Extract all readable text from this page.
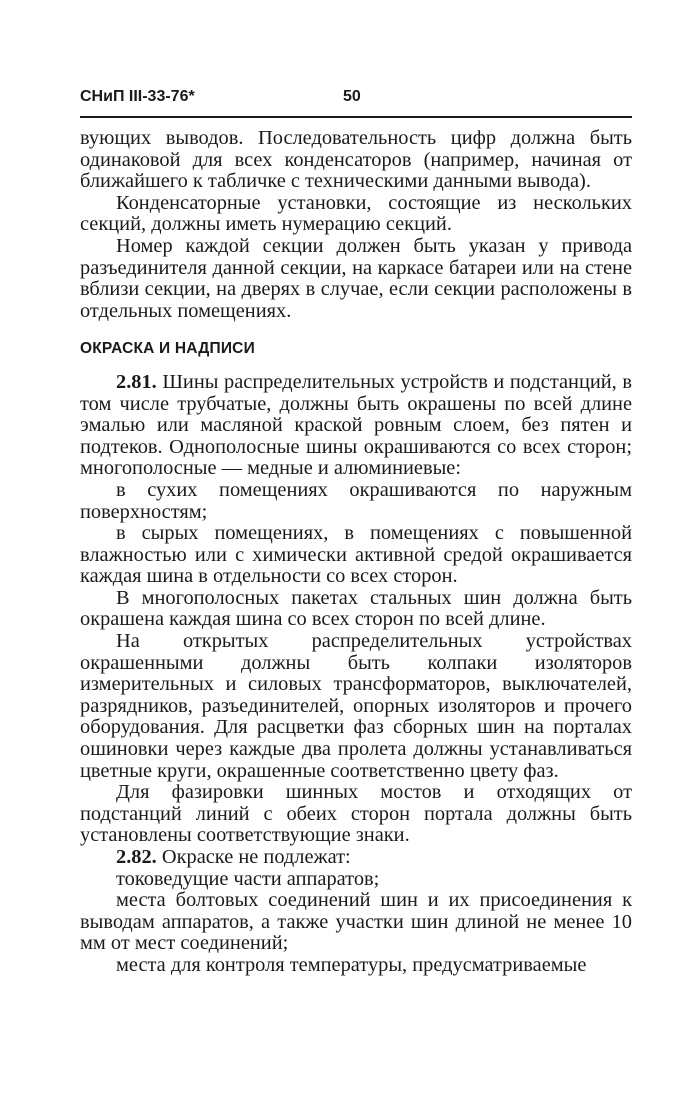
СНиП III-33-76*	50

вующих выводов. Последовательность цифр должна быть одинаковой для всех конденсаторов (например, начиная от ближайшего к табличке с техническими данными вывода).

Конденсаторные установки, состоящие из нескольких секций, должны иметь нумерацию секций.

Номер каждой секции должен быть указан у привода разъединителя данной секции, на каркасе батареи или на стене вблизи секции, на дверях в случае, если секции расположены в отдельных помещениях.

ОКРАСКА И НАДПИСИ

2.81. Шины распределительных устройств и подстанций, в том числе трубчатые, должны быть окрашены по всей длине эмалью или масляной краской ровным слоем, без пятен и подтеков. Однополосные шины окрашиваются со всех сторон; многополосные — медные и алюминиевые:

в сухих помещениях окрашиваются по наружным поверхностям;

в сырых помещениях, в помещениях с повышенной влажностью или с химически активной средой окрашивается каждая шина в отдельности со всех сторон.

В многополосных пакетах стальных шин должна быть окрашена каждая шина со всех сторон по всей длине.

На открытых распределительных устройствах окрашенными должны быть колпаки изоляторов измерительных и силовых трансформаторов, выключателей, разрядников, разъединителей, опорных изоляторов и прочего оборудования. Для расцветки фаз сборных шин на порталах ошиновки через каждые два пролета должны устанавливаться цветные круги, окрашенные соответственно цвету фаз.

Для фазировки шинных мостов и отходящих от подстанций линий с обеих сторон портала должны быть установлены соответствующие знаки.

2.82. Окраске не подлежат:

токоведущие части аппаратов;

места болтовых соединений шин и их присоединения к выводам аппаратов, а также участки шин длиной не менее 10 мм от мест соединений;

места для контроля температуры, предусматриваемые
